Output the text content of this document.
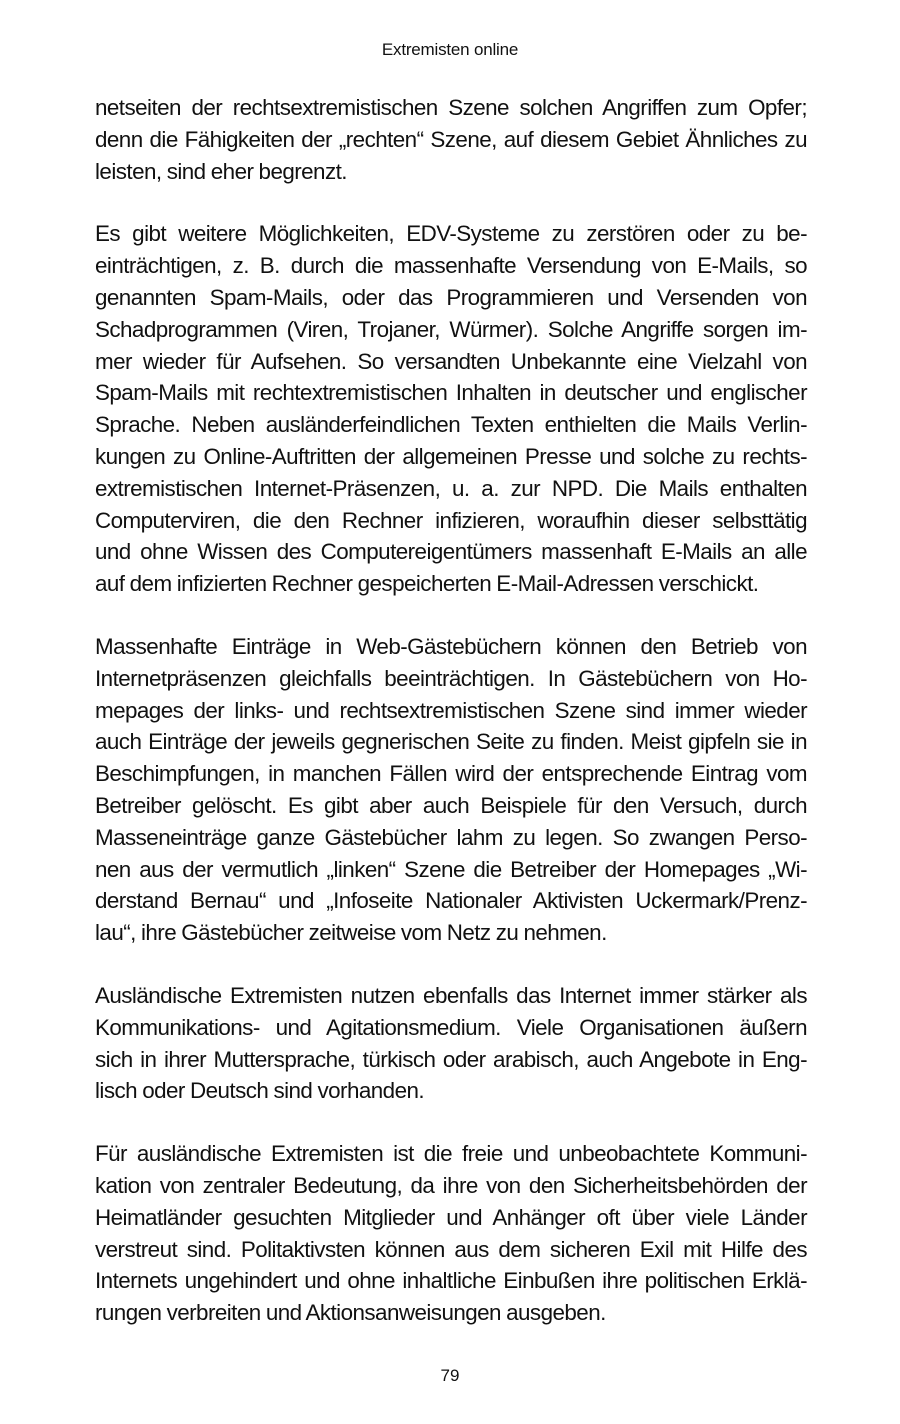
Extremisten online

netseiten der rechtsextremistischen Szene solchen Angriffen zum Opfer;
denn die Fähigkeiten der „rechten“ Szene, auf diesem Gebiet Ähnliches zu
leisten, sind eher begrenzt.

Es gibt weitere Möglichkeiten, EDV-Systeme zu zerstören oder zu be-
einträchtigen, z. B. durch die massenhafte Versendung von E-Mails, so
genannten Spam-Mails, oder das Programmieren und Versenden von
Schadprogrammen (Viren, Trojaner, Würmer). Solche Angriffe sorgen im-
mer wieder für Aufsehen. So versandten Unbekannte eine Vielzahl von
Spam-Mails mit rechtextremistischen Inhalten in deutscher und englischer
Sprache. Neben ausländerfeindlichen Texten enthielten die Mails Verlin-
kungen zu Online-Auftritten der allgemeinen Presse und solche zu rechts-
extremistischen Internet-Präsenzen, u. a. zur NPD. Die Mails enthalten
Computerviren, die den Rechner infizieren, woraufhin dieser selbsttätig
und ohne Wissen des Computereigentümers massenhaft E-Mails an alle
auf dem infizierten Rechner gespeicherten E-Mail-Adressen verschickt.

Massenhafte Einträge in Web-Gästebüchern können den Betrieb von
Internetpräsenzen gleichfalls beeinträchtigen. In Gästebüchern von Ho-
mepages der links- und rechtsextremistischen Szene sind immer wieder
auch Einträge der jeweils gegnerischen Seite zu finden. Meist gipfeln sie in
Beschimpfungen, in manchen Fällen wird der entsprechende Eintrag vom
Betreiber gelöscht. Es gibt aber auch Beispiele für den Versuch, durch
Masseneinträge ganze Gästebücher lahm zu legen. So zwangen Perso-
nen aus der vermutlich „linken“ Szene die Betreiber der Homepages „Wi-
derstand Bernau“ und „Infoseite Nationaler Aktivisten Uckermark/Prenz-
lau“, ihre Gästebücher zeitweise vom Netz zu nehmen.

Ausländische Extremisten nutzen ebenfalls das Internet immer stärker als
Kommunikations- und Agitationsmedium. Viele Organisationen äußern
sich in ihrer Muttersprache, türkisch oder arabisch, auch Angebote in Eng-
lisch oder Deutsch sind vorhanden.

Für ausländische Extremisten ist die freie und unbeobachtete Kommuni-
kation von zentraler Bedeutung, da ihre von den Sicherheitsbehörden der
Heimatländer gesuchten Mitglieder und Anhänger oft über viele Länder
verstreut sind. Politaktivsten können aus dem sicheren Exil mit Hilfe des
Internets ungehindert und ohne inhaltliche Einbußen ihre politischen Erklä-
rungen verbreiten und Aktionsanweisungen ausgeben.

79
